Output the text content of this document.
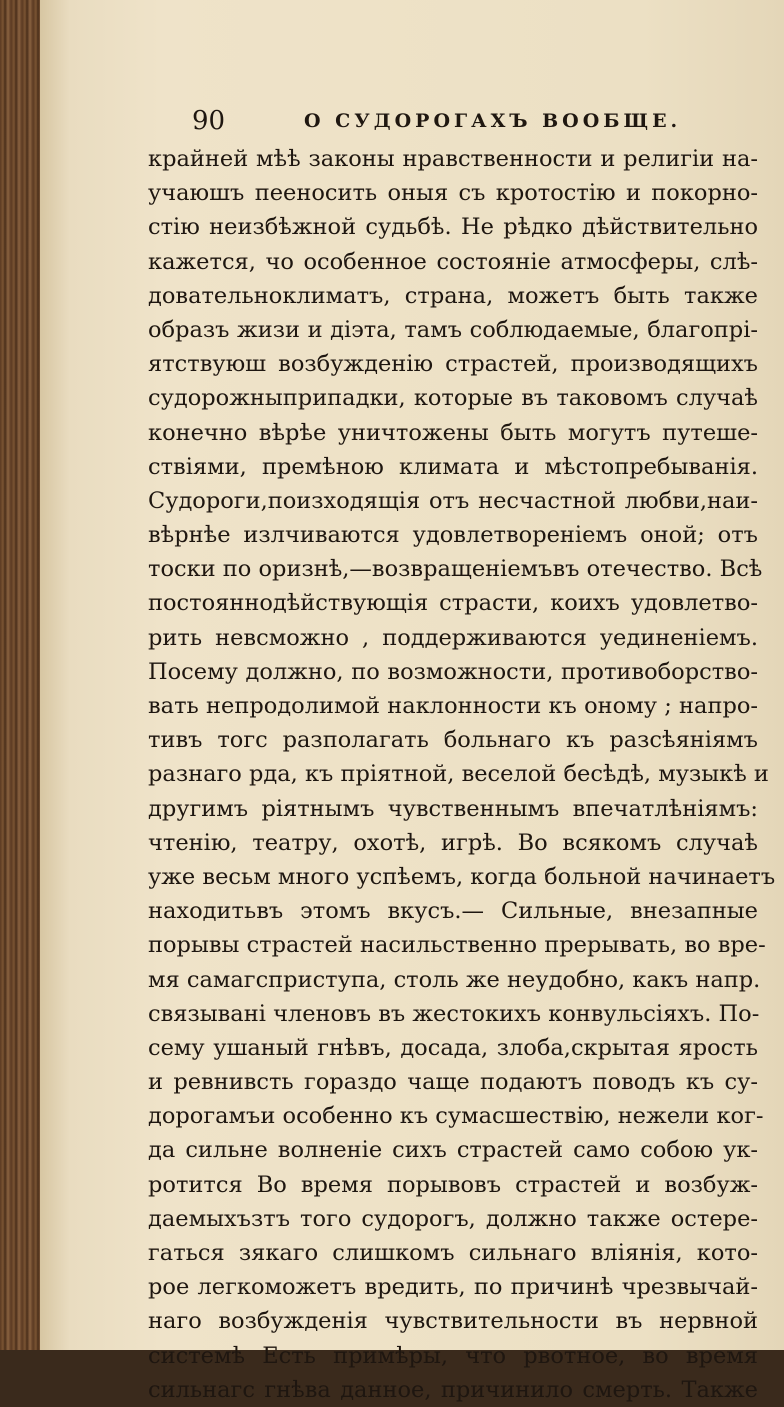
90	О СУДОРОГАХЪ ВООБЩЕ.
крайней мѣѣ законы нравственности и религiи на-
учаюшъ пееносить оныя съ кротостiю и покорно-
стiю неизбѣжной судьбѣ. Не рѣдко дѣйствительно
кажется, чо особенное состоянiе атмосферы, слѣ-
довательноклиматъ, страна, можетъ быть также
образъ жизи и дiэта, тамъ соблюдаемые, благопрi-
ятствуюш возбужденiю страстей, производящихъ
судорожныприпадки, которые въ таковомъ случаѣ
конечно вѣрѣе уничтожены быть могутъ путеше-
ствiями, премѣною климата и мѣстопребыванiя.
Судороги,поизходящiя отъ несчастной любви,наи-
вѣрнѣе излчиваются удовлетворенiемъ оной; отъ
тоски по оризнѣ,—возвращенiемъвъ отечество. Всѣ
постояннодѣйствующiя страсти, коихъ удовлетво-
рить невсможно , поддерживаются уединенiемъ.
Посему должно, по возможности, противоборство-
вать непродолимой наклонности къ оному ; напро-
тивъ тогс разполагать больнаго къ разсѣянiямъ
разнаго рда, къ прiятной, веселой бесѣдѣ, музыкѣ и
другимъ рiятнымъ чувственнымъ впечатлѣнiямъ:
чтенiю, театру, охотѣ, игрѣ. Во всякомъ случаѣ
уже весьм много успѣемъ, когда больной начинаетъ
находитьвъ этомъ вкусъ.— Сильные, внезапные
порывы страстей насильственно прерывать, во вре-
мя самагсприступа, столь же неудобно, какъ напр.
связыванi членовъ въ жестокихъ конвульсiяхъ. По-
сему ушаный гнѣвъ, досада, злоба,скрытая ярость
и ревнивсть гораздо чаще подаютъ поводъ къ су-
дорогамъи особенно къ сумасшествiю, нежели ког-
да сильне волненiе сихъ страстей само собою ук-
ротится Во время порывовъ страстей и возбуж-
даемыхъзтъ того судорогъ, должно также остере-
гаться зякаго слишкомъ сильнаго влiянiя, кото-
рое легкоможетъ вредить, по причинѣ чрезвычай-
наго возбужденiя чувствительности въ нервной
системѣ Есть примѣры, что рвотное, во время
сильнагс гнѣва данное, причинило смерть. Также
